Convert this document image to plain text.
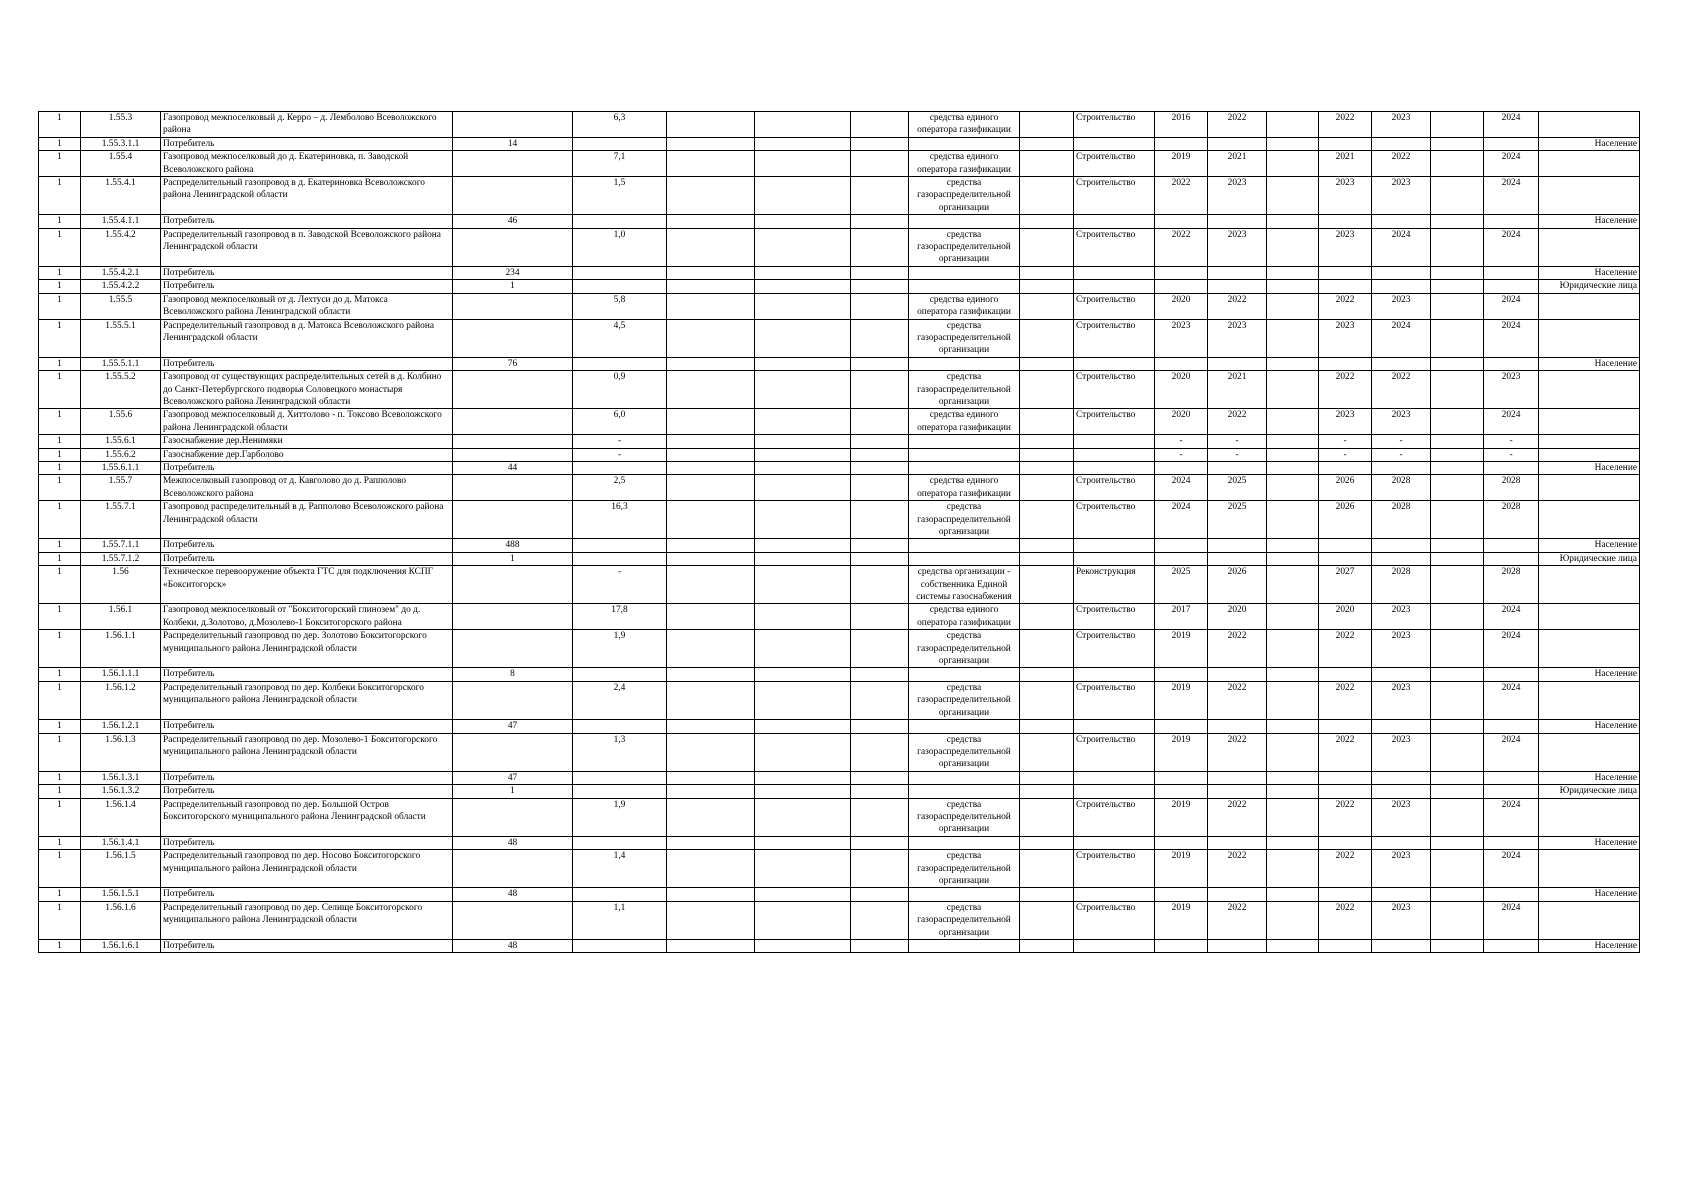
1	1.55.3	Газопровод межпоселковый д. Керро – д. Лемболово Всеволожского района		6,3				средства единого оператора газификации		Строительство	2016	2022		2022	2023		2024	
1	1.55.3.1.1	Потребитель	14															Население
1	1.55.4	Газопровод межпоселковый до д. Екатериновка, п. Заводской Всеволожского района		7,1				средства единого оператора газификации		Строительство	2019	2021		2021	2022		2024	
1	1.55.4.1	Распределительный газопровод в д. Екатериновка Всеволожского района Ленинградской области		1,5				средства газораспределительной организации		Строительство	2022	2023		2023	2023		2024	
1	1.55.4.1.1	Потребитель	46															Население
1	1.55.4.2	Распределительный газопровод в п. Заводской Всеволожского района Ленинградской области		1,0				средства газораспределительной организации		Строительство	2022	2023		2023	2024		2024	
1	1.55.4.2.1	Потребитель	234															Население
1	1.55.4.2.2	Потребитель	1															Юридические лица
1	1.55.5	Газопровод межпоселковый от д. Лехтуси до д. Матокса Всеволожского района Ленинградской области		5,8				средства единого оператора газификации		Строительство	2020	2022		2022	2023		2024	
1	1.55.5.1	Распределительный газопровод в д. Матокса Всеволожского района Ленинградской области		4,5				средства газораспределительной организации		Строительство	2023	2023		2023	2024		2024	
1	1.55.5.1.1	Потребитель	76															Население
1	1.55.5.2	Газопровод от существующих распределительных сетей в д. Колбино до Санкт-Петербургского подворья Соловецкого монастыря Всеволожского района Ленинградской области		0,9				средства газораспределительной организации		Строительство	2020	2021		2022	2022		2023	
1	1.55.6	Газопровод межпоселковый д. Хиттолово - п. Токсово Всеволожского района Ленинградской области		6,0				средства единого оператора газификации		Строительство	2020	2022		2023	2023		2024	
1	1.55.6.1	Газоснабжение дер.Ненимяки		-							-	-		-	-		-	
1	1.55.6.2	Газоснабжение дер.Гарболово		-							-	-		-	-		-	
1	1.55.6.1.1	Потребитель	44															Население
1	1.55.7	Межпоселковый газопровод от д. Кавголово до д. Рапполово Всеволожского района		2,5				средства единого оператора газификации		Строительство	2024	2025		2026	2028		2028	
1	1.55.7.1	Газопровод распределительный в д. Рапполово Всеволожского района Ленинградской области		16,3				средства газораспределительной организации		Строительство	2024	2025		2026	2028		2028	
1	1.55.7.1.1	Потребитель	488															Население
1	1.55.7.1.2	Потребитель	1															Юридические лица
1	1.56	Техническое перевооружение объекта ГТС для подключения КСПГ «Бокситогорск»		-				средства организации - собственника Единой системы газоснабжения		Реконструкция	2025	2026		2027	2028		2028	
1	1.56.1	Газопровод межпоселковый от "Бокситогорский глинозем" до д. Колбеки, д.Золотово, д.Мозолево-1 Бокситогорского района		17,8				средства единого оператора газификации		Строительство	2017	2020		2020	2023		2024	
1	1.56.1.1	Распределительный газопровод по дер. Золотово Бокситогорского муниципального района Ленинградской области		1,9				средства газораспределительной организации		Строительство	2019	2022		2022	2023		2024	
1	1.56.1.1.1	Потребитель	8															Население
1	1.56.1.2	Распределительный газопровод по дер. Колбеки Бокситогорского муниципального района Ленинградской области		2,4				средства газораспределительной организации		Строительство	2019	2022		2022	2023		2024	
1	1.56.1.2.1	Потребитель	47															Население
1	1.56.1.3	Распределительный газопровод по дер. Мозолево-1 Бокситогорского муниципального района Ленинградской области		1,3				средства газораспределительной организации		Строительство	2019	2022		2022	2023		2024	
1	1.56.1.3.1	Потребитель	47															Население
1	1.56.1.3.2	Потребитель	1															Юридические лица
1	1.56.1.4	Распределительный газопровод по дер. Большой Остров Бокситогорского муниципального района Ленинградской области		1,9				средства газораспределительной организации		Строительство	2019	2022		2022	2023		2024	
1	1.56.1.4.1	Потребитель	48															Население
1	1.56.1.5	Распределительный газопровод по дер. Носово Бокситогорского муниципального района Ленинградской области		1,4				средства газораспределительной организации		Строительство	2019	2022		2022	2023		2024	
1	1.56.1.5.1	Потребитель	48															Население
1	1.56.1.6	Распределительный газопровод по дер. Селище Бокситогорского муниципального района Ленинградской области		1,1				средства газораспределительной организации		Строительство	2019	2022		2022	2023		2024	
1	1.56.1.6.1	Потребитель	48															Население
